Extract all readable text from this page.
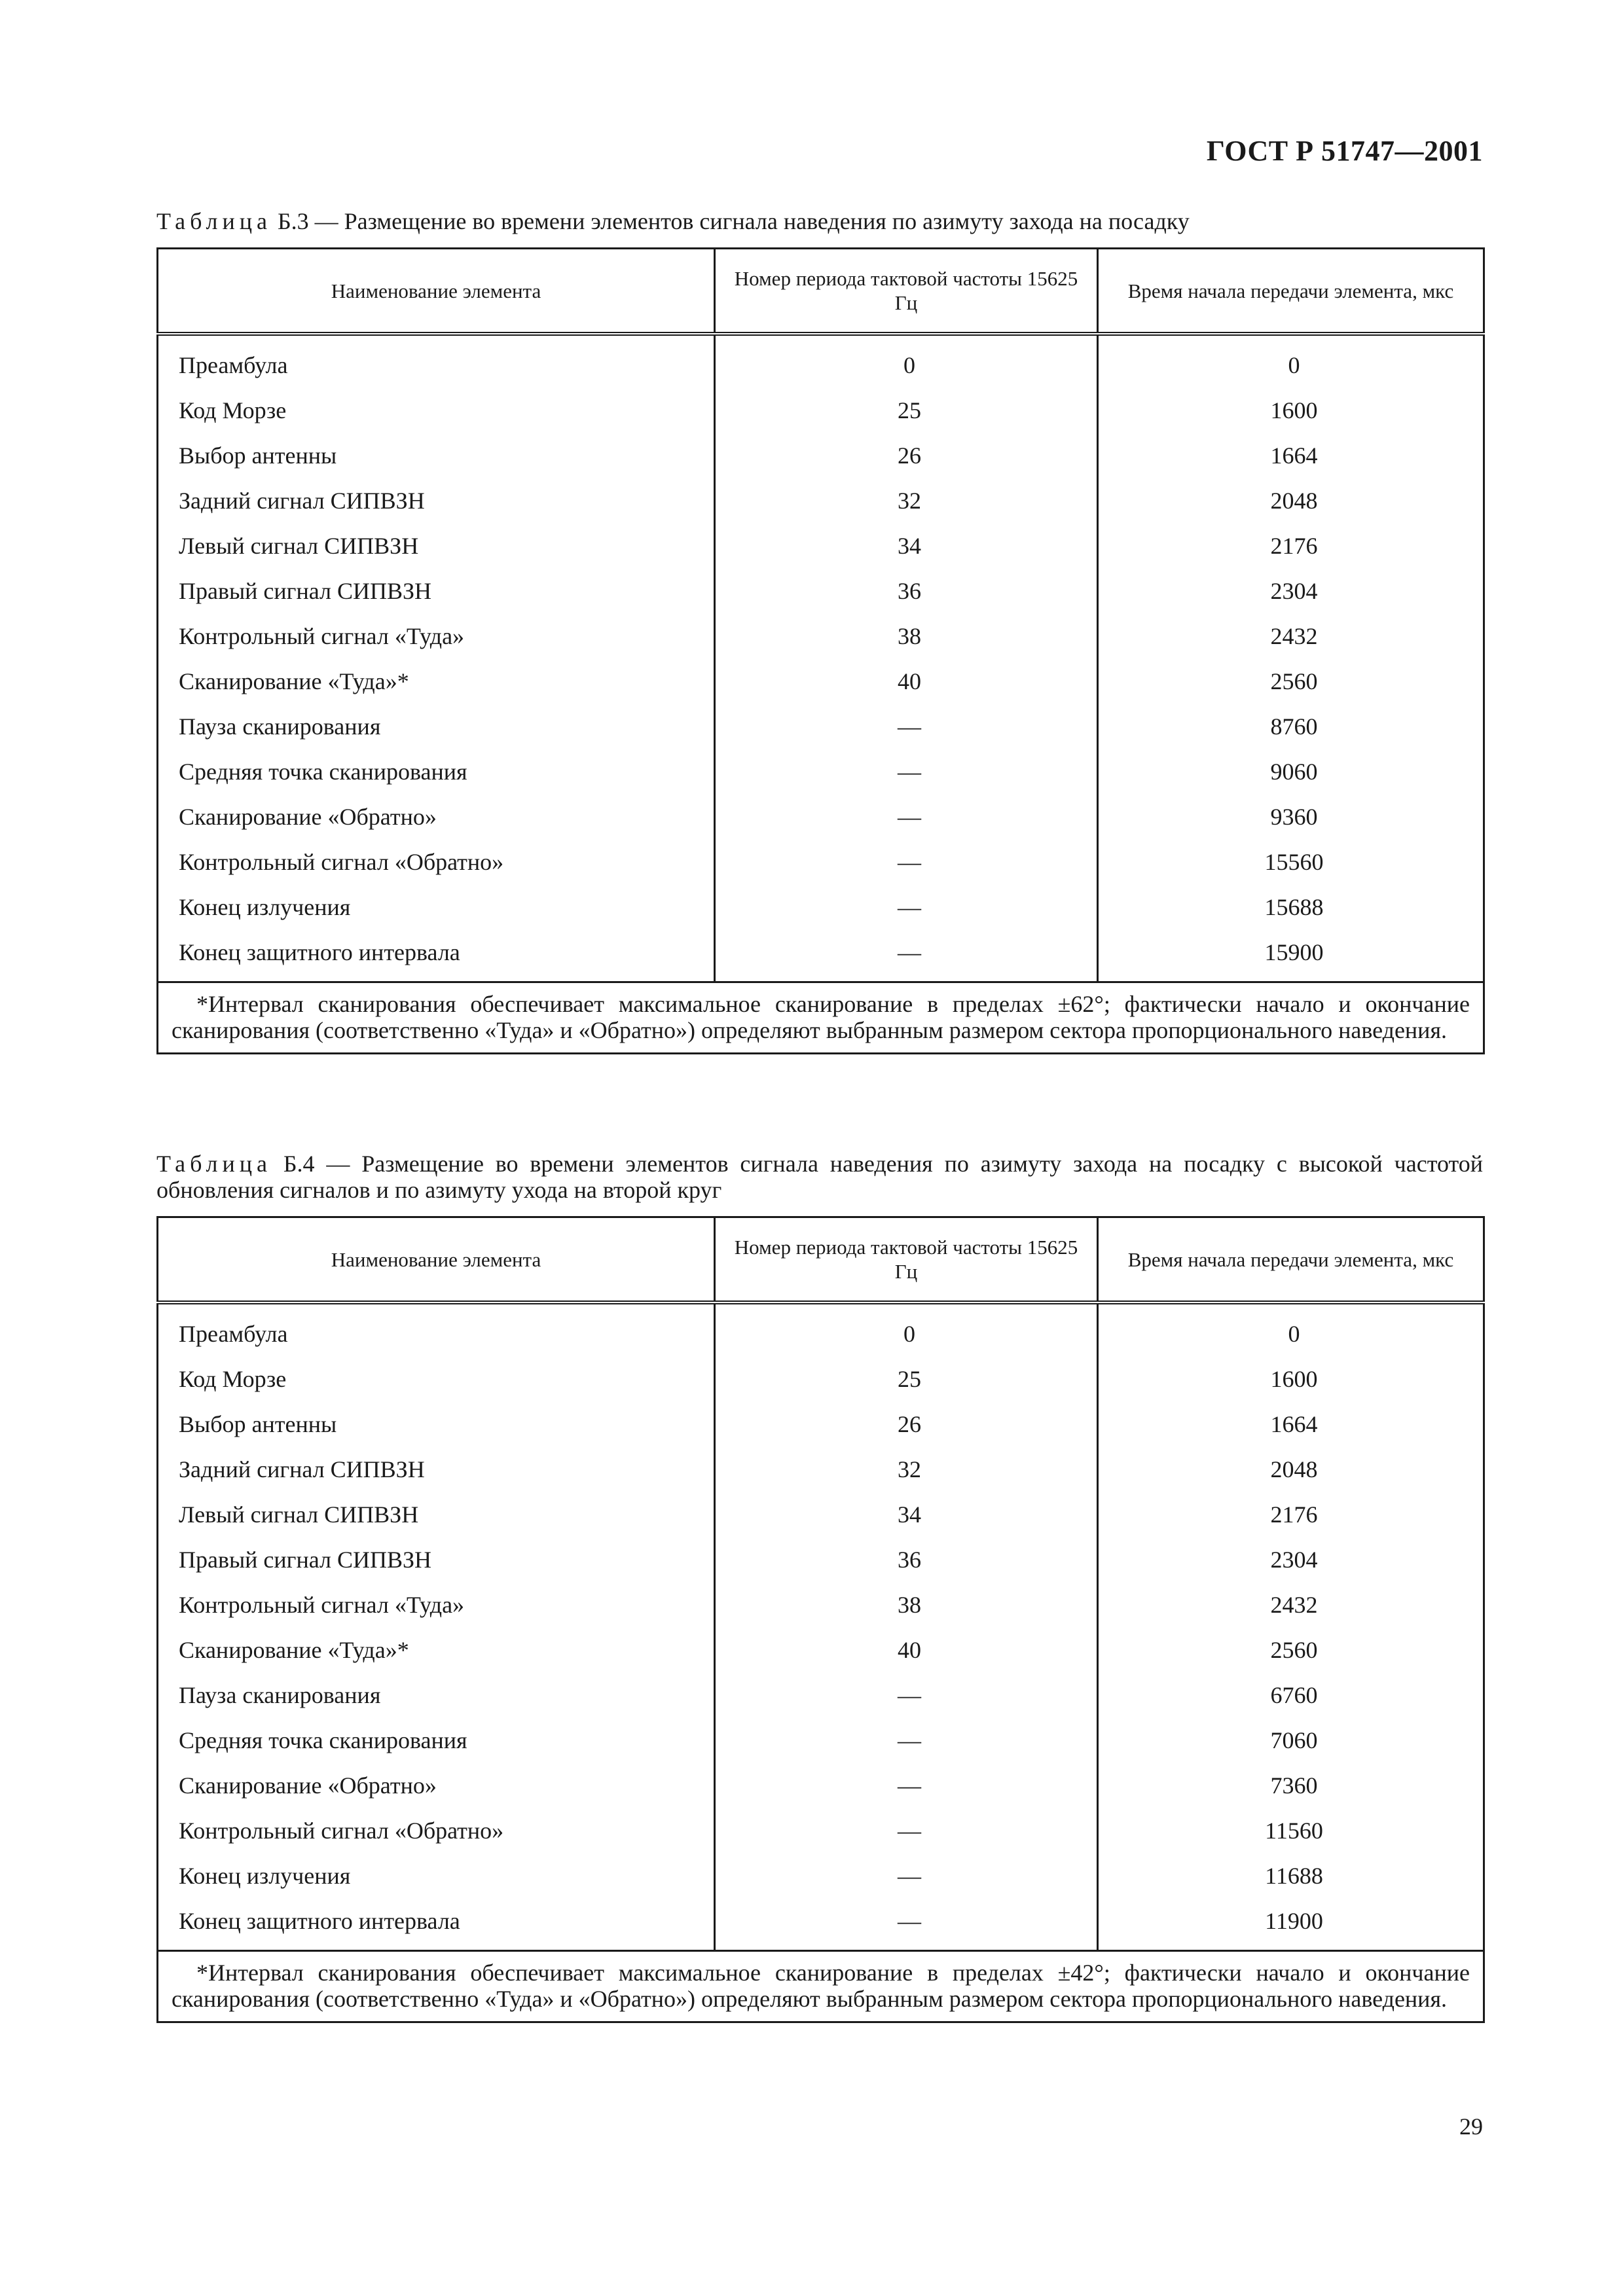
ГОСТ Р 51747—2001
Таблица Б.3 — Размещение во времени элементов сигнала наведения по азимуту захода на посадку
Наименование элемента	Номер периода тактовой частоты 15625 Гц	Время начала передачи элемента, мкс
Преамбула	0	0
Код Морзе	25	1600
Выбор антенны	26	1664
Задний сигнал СИПВЗН	32	2048
Левый сигнал СИПВЗН	34	2176
Правый сигнал СИПВЗН	36	2304
Контрольный сигнал «Туда»	38	2432
Сканирование «Туда»*	40	2560
Пауза сканирования	—	8760
Средняя точка сканирования	—	9060
Сканирование «Обратно»	—	9360
Контрольный сигнал «Обратно»	—	15560
Конец излучения	—	15688
Конец защитного интервала	—	15900
*Интервал сканирования обеспечивает максимальное сканирование в пределах ±62°; фактически начало и окончание сканирования (соответственно «Туда» и «Обратно») определяют выбранным размером сектора пропорционального наведения.		
Таблица Б.4 — Размещение во времени элементов сигнала наведения по азимуту захода на посадку с высокой частотой обновления сигналов и по азимуту ухода на второй круг
Наименование элемента	Номер периода тактовой частоты 15625 Гц	Время начала передачи элемента, мкс
Преамбула	0	0
Код Морзе	25	1600
Выбор антенны	26	1664
Задний сигнал СИПВЗН	32	2048
Левый сигнал СИПВЗН	34	2176
Правый сигнал СИПВЗН	36	2304
Контрольный сигнал «Туда»	38	2432
Сканирование «Туда»*	40	2560
Пауза сканирования	—	6760
Средняя точка сканирования	—	7060
Сканирование «Обратно»	—	7360
Контрольный сигнал «Обратно»	—	11560
Конец излучения	—	11688
Конец защитного интервала	—	11900
*Интервал сканирования обеспечивает максимальное сканирование в пределах ±42°; фактически начало и окончание сканирования (соответственно «Туда» и «Обратно») определяют выбранным размером сектора пропорционального наведения.		
29
